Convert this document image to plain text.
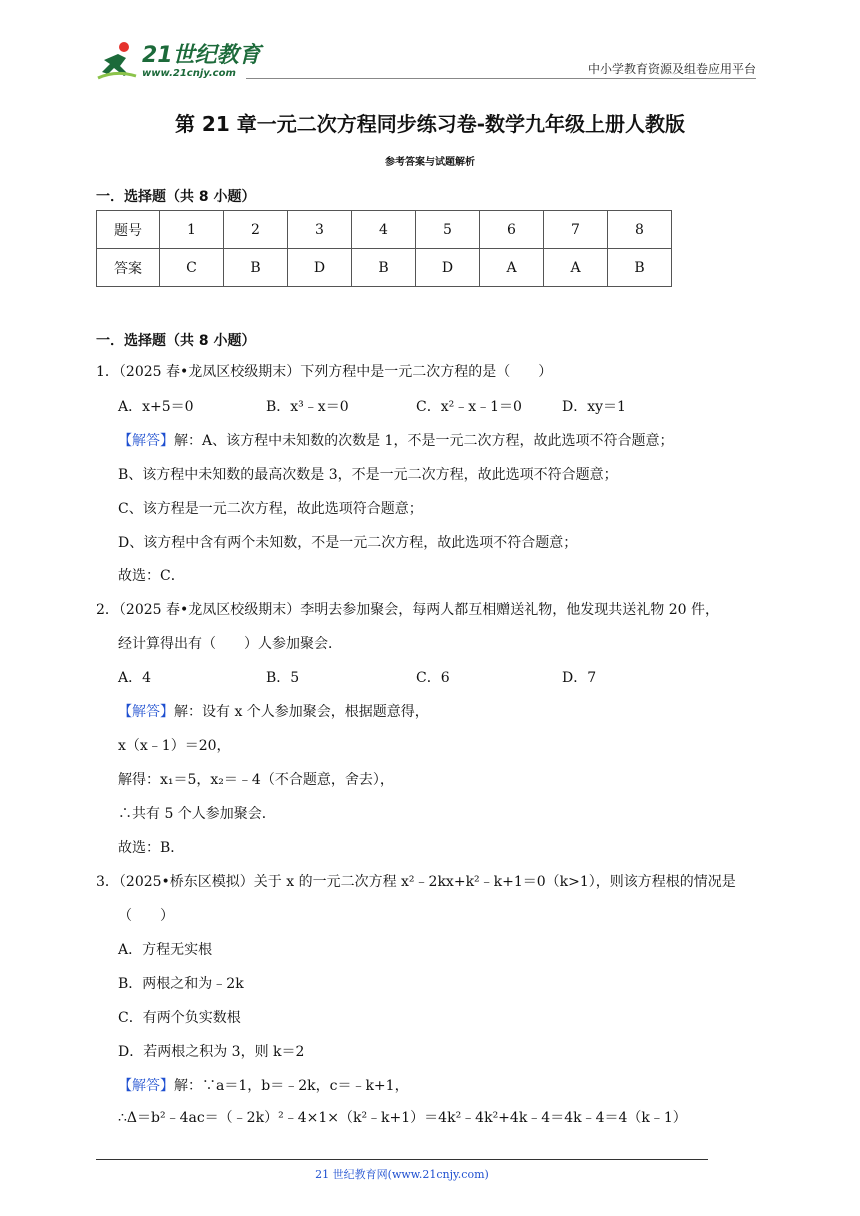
21世纪教育
www.21cnjy.com	中小学教育资源及组卷应用平台
第 21 章一元二次方程同步练习卷-数学九年级上册人教版
参考答案与试题解析
一．选择题（共 8 小题）
题号	1	2	3	4	5	6	7	8
答案	C	B	D	B	D	A	A	B
一．选择题（共 8 小题）
1．（2025 春•龙凤区校级期末）下列方程中是一元二次方程的是（　　）
A．x+5＝0	B．x³﹣x＝0	C．x²﹣x﹣1＝0	D．xy＝1
【解答】解：A、该方程中未知数的次数是 1，不是一元二次方程，故此选项不符合题意；
B、该方程中未知数的最高次数是 3，不是一元二次方程，故此选项不符合题意；
C、该方程是一元二次方程，故此选项符合题意；
D、该方程中含有两个未知数，不是一元二次方程，故此选项不符合题意；
故选：C．
2．（2025 春•龙凤区校级期末）李明去参加聚会，每两人都互相赠送礼物，他发现共送礼物 20 件，
经计算得出有（　　）人参加聚会．
A．4	B．5	C．6	D．7
【解答】解：设有 x 个人参加聚会，根据题意得，
x（x﹣1）＝20，
解得：x₁＝5，x₂＝﹣4（不合题意，舍去），
∴共有 5 个人参加聚会．
故选：B．
3．（2025•桥东区模拟）关于 x 的一元二次方程 x²﹣2kx+k²﹣k+1＝0（k>1），则该方程根的情况是
（　　）
A．方程无实根
B．两根之和为﹣2k
C．有两个负实数根
D．若两根之积为 3，则 k＝2
【解答】解：∵a＝1，b＝﹣2k，c＝﹣k+1，
∴Δ＝b²﹣4ac＝（﹣2k）²﹣4×1×（k²﹣k+1）＝4k²﹣4k²+4k﹣4＝4k﹣4＝4（k﹣1）
21 世纪教育网(www.21cnjy.com)
